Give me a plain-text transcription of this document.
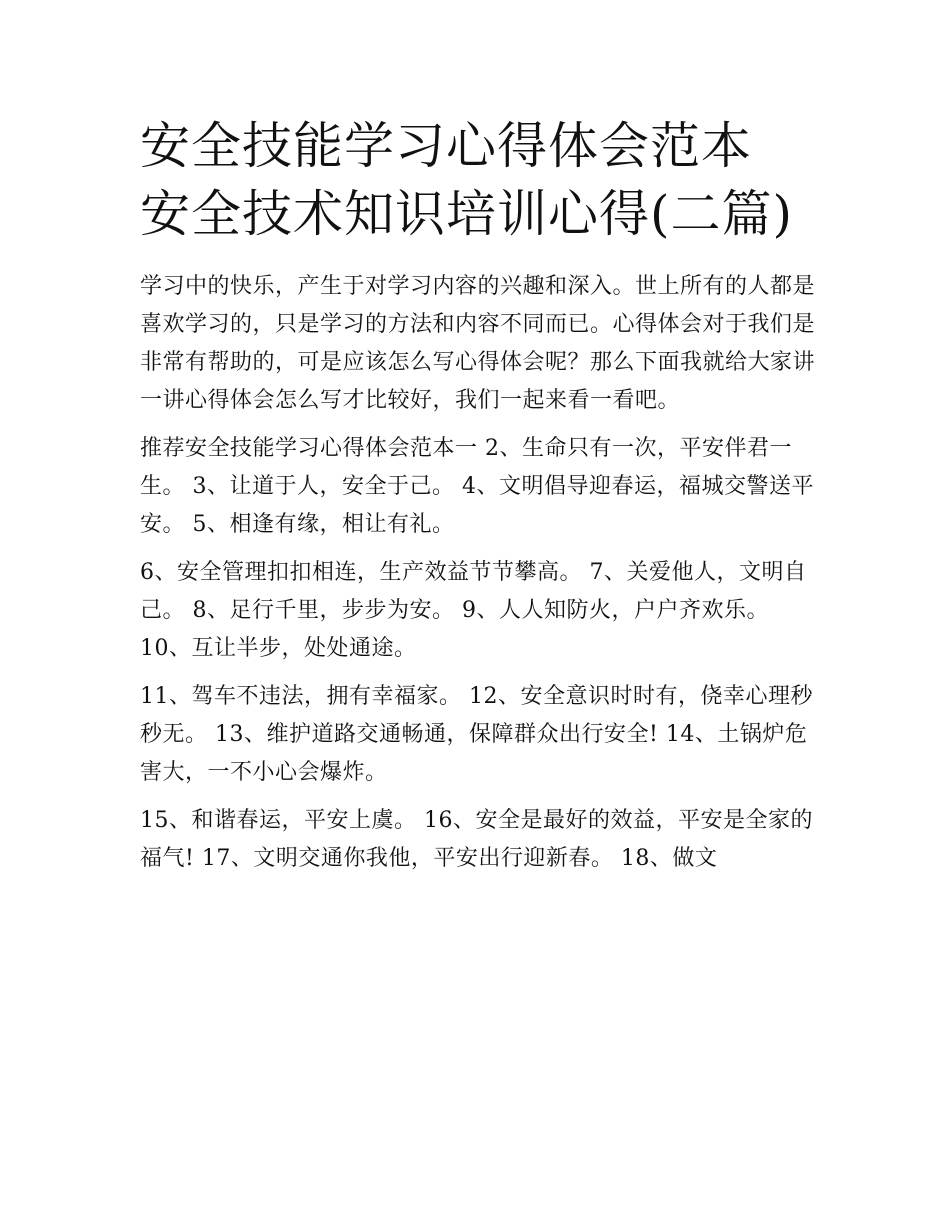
安全技能学习心得体会范本 安全技术知识培训心得(二篇)

学习中的快乐，产生于对学习内容的兴趣和深入。世上所有的人都是喜欢学习的，只是学习的方法和内容不同而已。心得体会对于我们是非常有帮助的，可是应该怎么写心得体会呢？那么下面我就给大家讲一讲心得体会怎么写才比较好，我们一起来看一看吧。

推荐安全技能学习心得体会范本一 2、生命只有一次，平安伴君一生。 3、让道于人，安全于己。 4、文明倡导迎春运，福城交警送平安。 5、相逢有缘，相让有礼。

6、安全管理扣扣相连，生产效益节节攀高。 7、关爱他人，文明自己。 8、足行千里，步步为安。 9、人人知防火，户户齐欢乐。 10、互让半步，处处通途。

11、驾车不违法，拥有幸福家。 12、安全意识时时有，侥幸心理秒秒无。 13、维护道路交通畅通，保障群众出行安全! 14、土锅炉危害大，一不小心会爆炸。

15、和谐春运，平安上虞。 16、安全是最好的效益，平安是全家的福气! 17、文明交通你我他，平安出行迎新春。 18、做文
